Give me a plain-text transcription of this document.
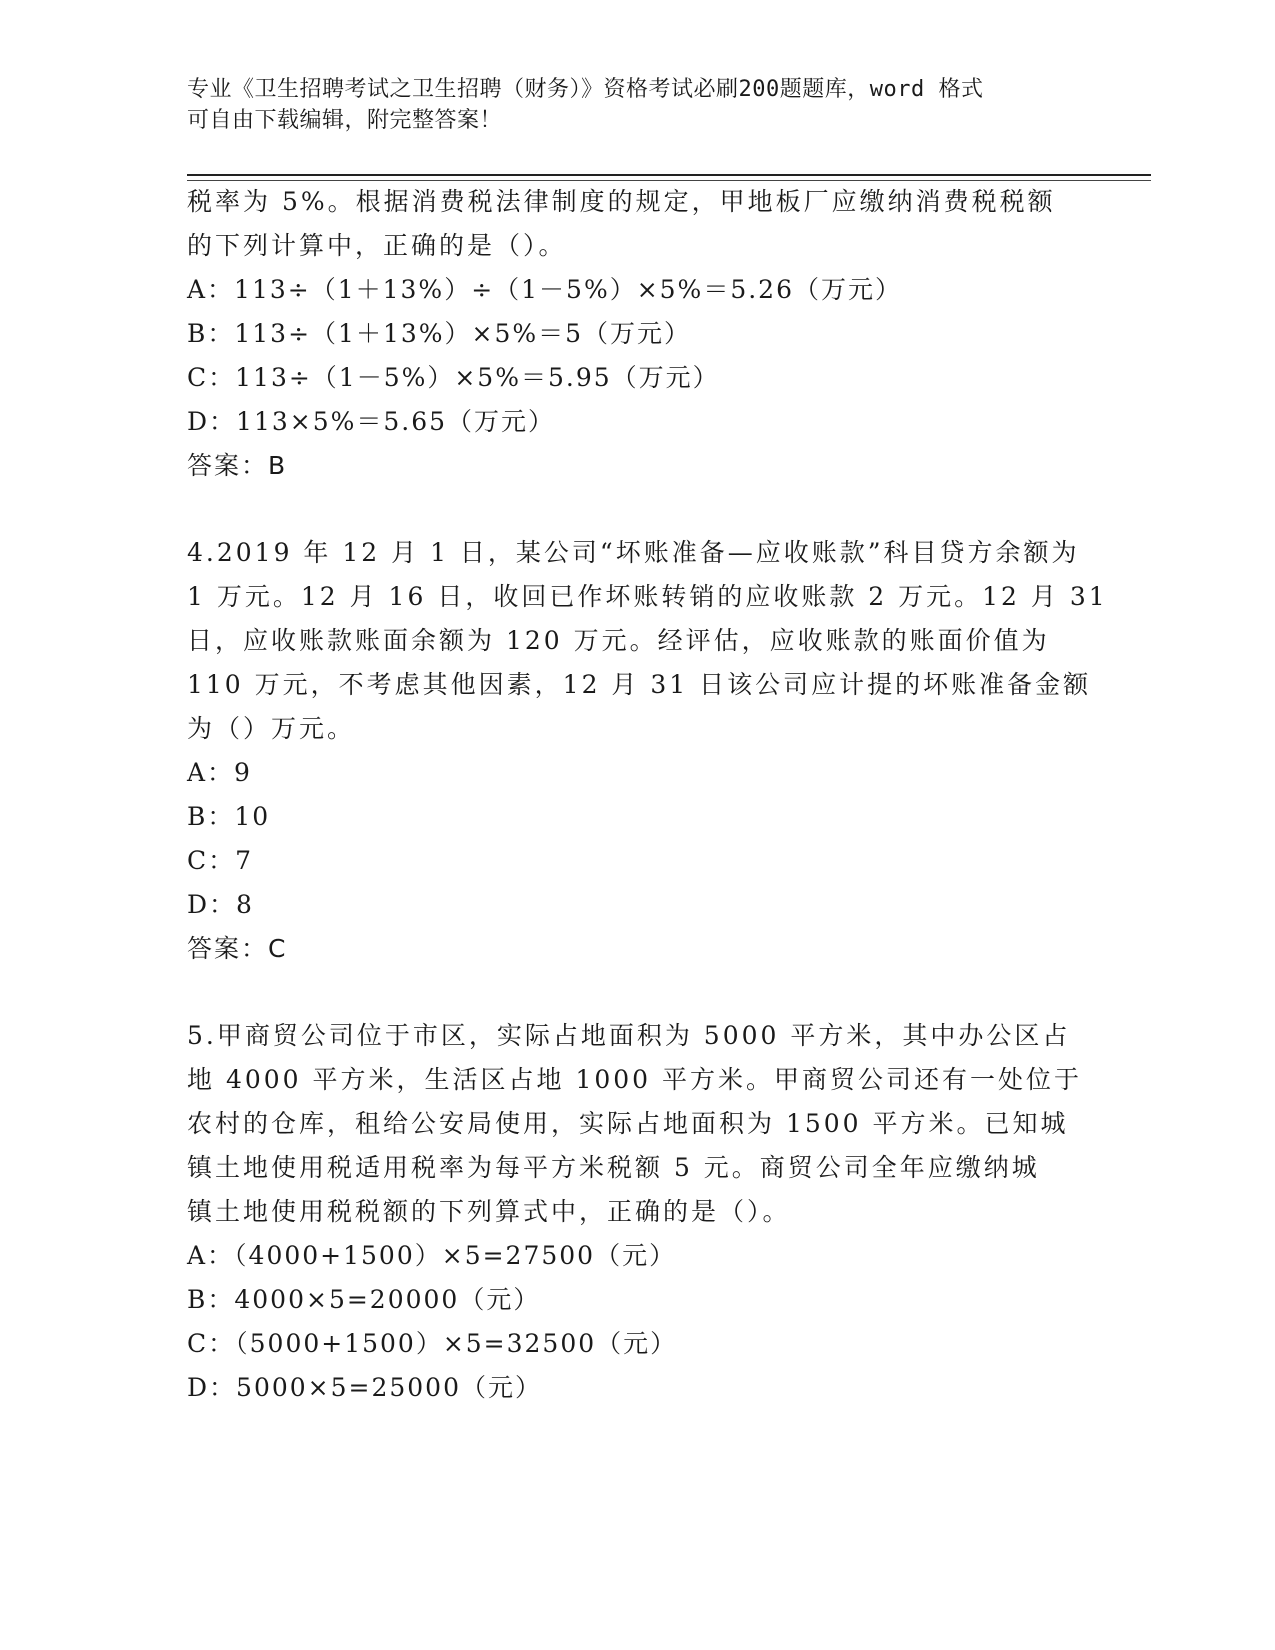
专业《卫生招聘考试之卫生招聘（财务）》资格考试必刷200题题库，word 格式
可自由下载编辑，附完整答案！
税率为 5%。根据消费税法律制度的规定，甲地板厂应缴纳消费税税额
的下列计算中，正确的是（）。
A：113÷（1＋13%）÷（1－5%）×5%＝5.26（万元）
B：113÷（1＋13%）×5%＝5（万元）
C：113÷（1－5%）×5%＝5.95（万元）
D：113×5%＝5.65（万元）
答案：B
4.2019 年 12 月 1 日，某公司“坏账准备—应收账款”科目贷方余额为
1 万元。12 月 16 日，收回已作坏账转销的应收账款 2 万元。12 月 31
日，应收账款账面余额为 120 万元。经评估，应收账款的账面价值为
110 万元，不考虑其他因素，12 月 31 日该公司应计提的坏账准备金额
为（）万元。
A：9
B：10
C：7
D：8
答案：C
5.甲商贸公司位于市区，实际占地面积为 5000 平方米，其中办公区占
地 4000 平方米，生活区占地 1000 平方米。甲商贸公司还有一处位于
农村的仓库，租给公安局使用，实际占地面积为 1500 平方米。已知城
镇土地使用税适用税率为每平方米税额 5 元。商贸公司全年应缴纳城
镇土地使用税税额的下列算式中，正确的是（）。
A：（4000+1500）×5=27500（元）
B：4000×5=20000（元）
C：（5000+1500）×5=32500（元）
D：5000×5=25000（元）
